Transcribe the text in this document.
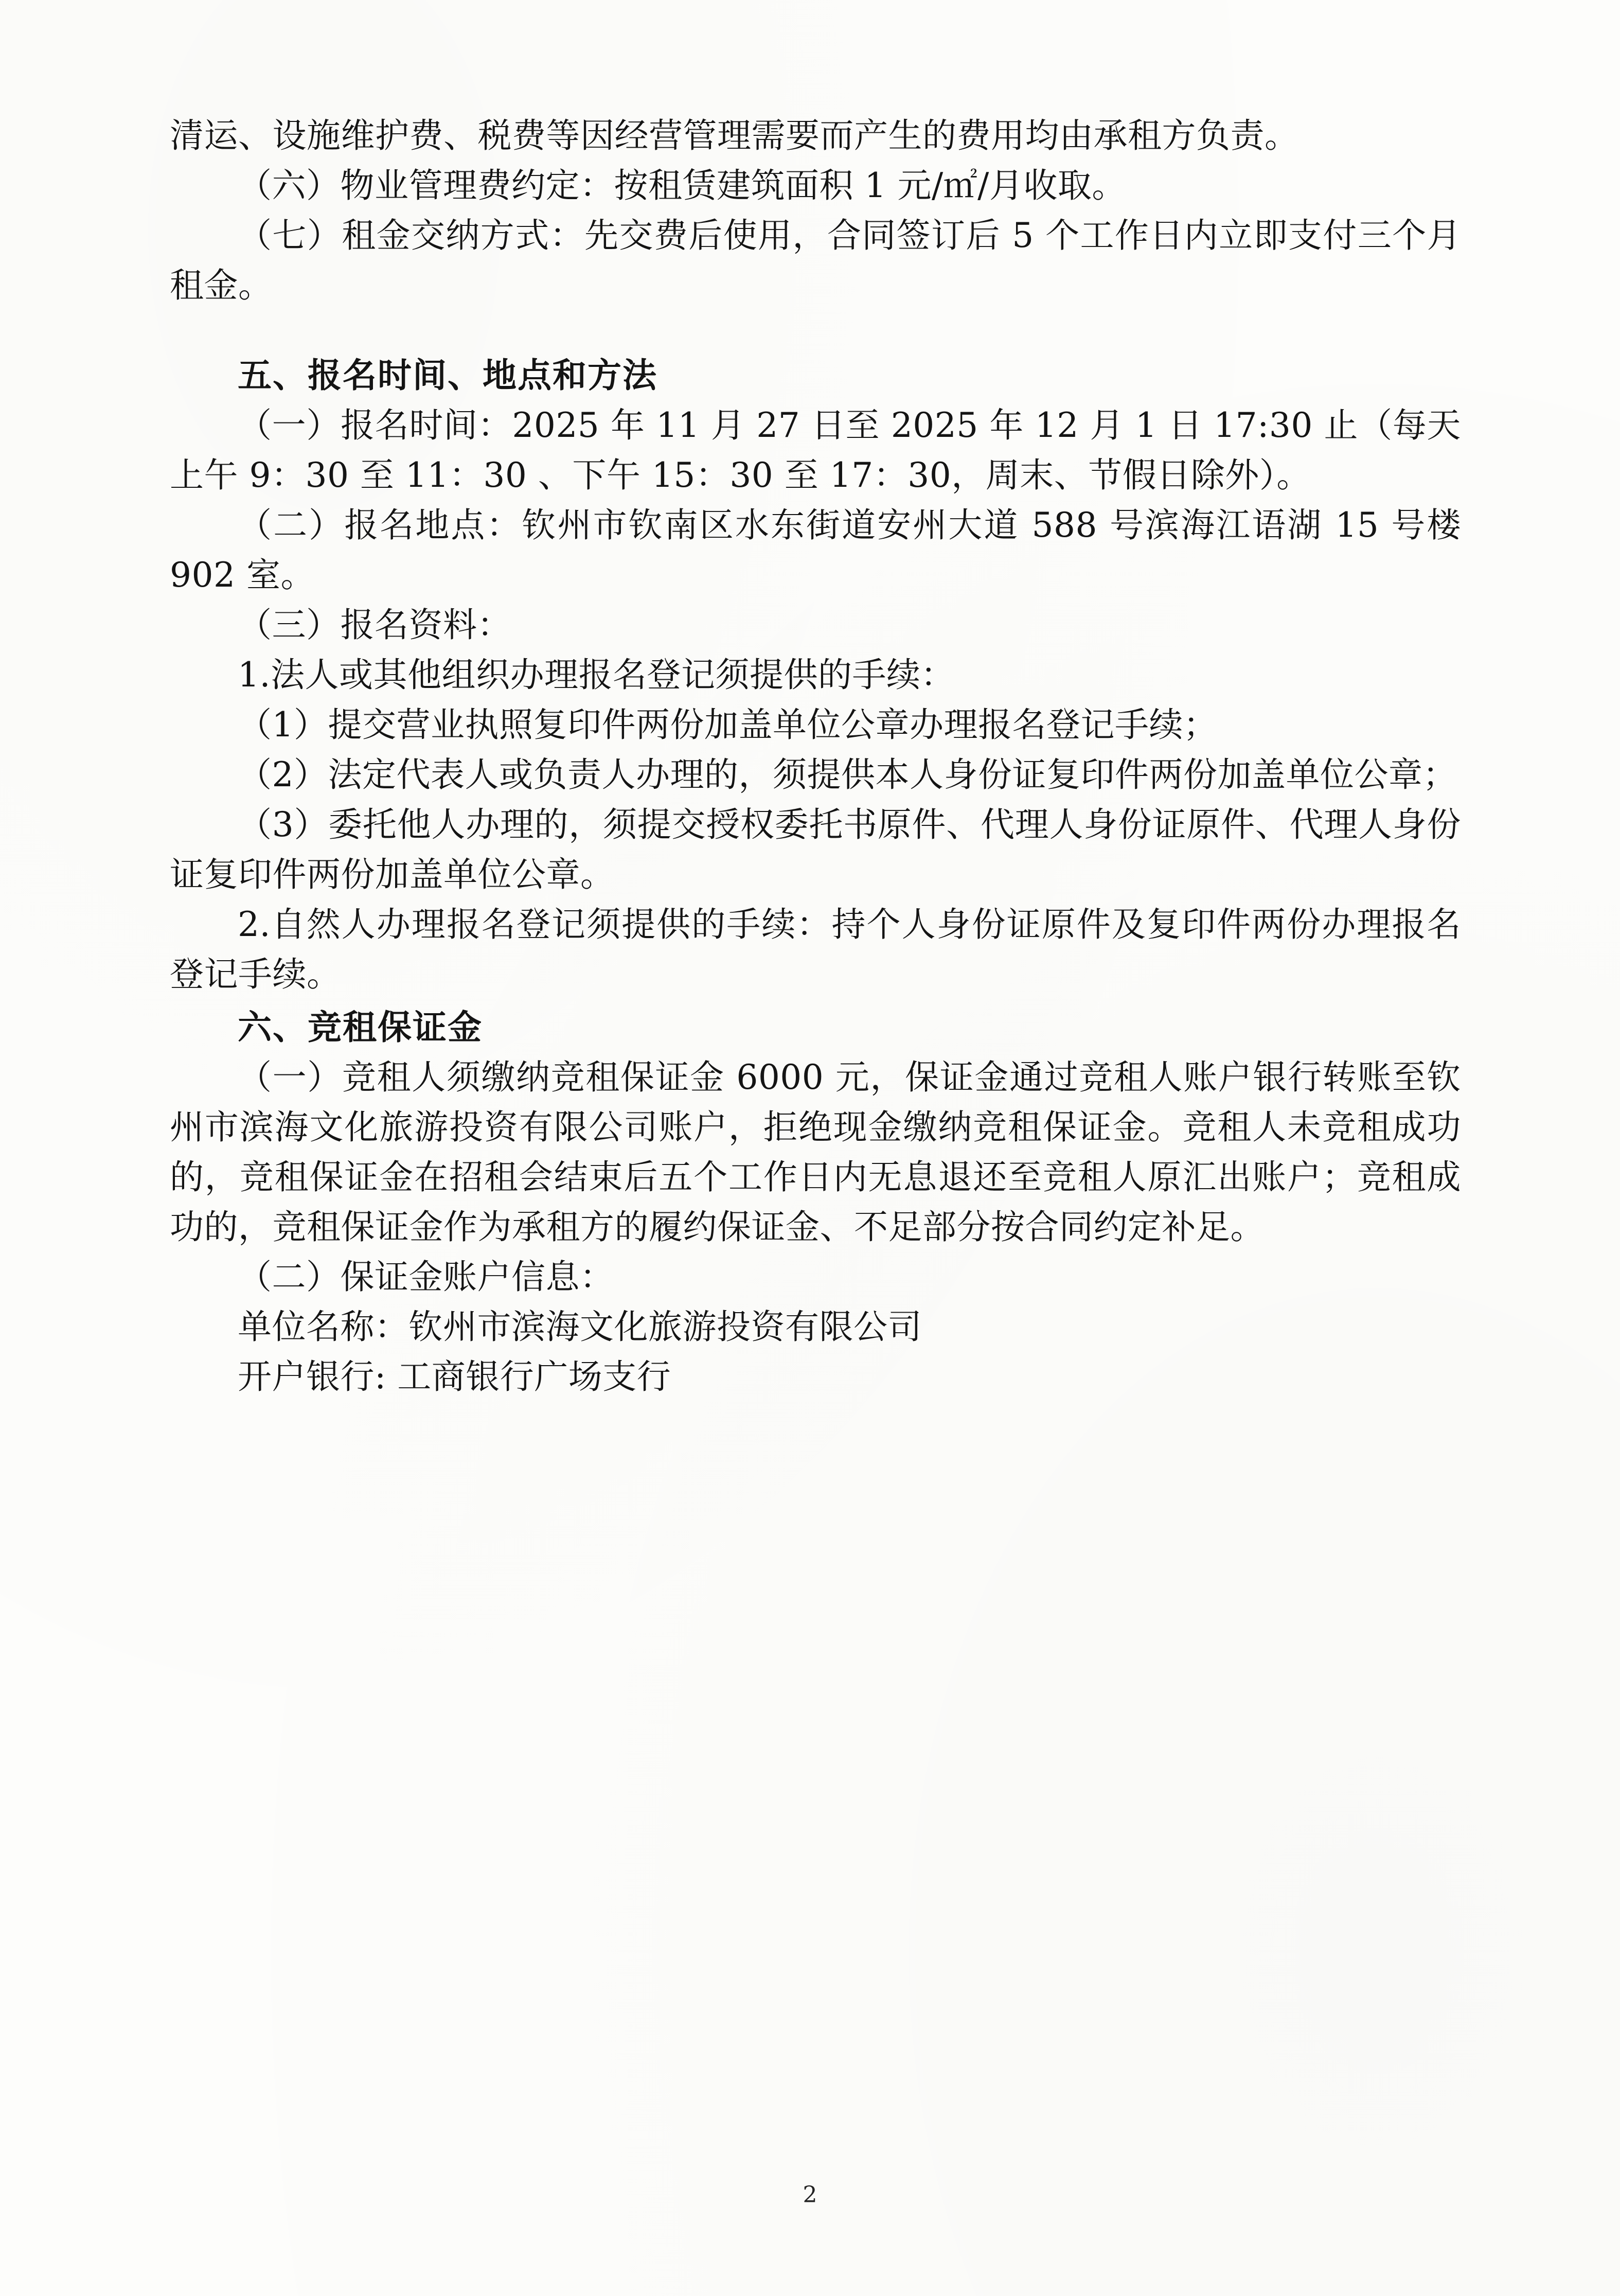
清运、设施维护费、税费等因经营管理需要而产生的费用均由承租方负责。

（六）物业管理费约定：按租赁建筑面积 1 元/㎡/月收取。

（七）租金交纳方式：先交费后使用，合同签订后 5 个工作日内立即支付三个月租金。

五、报名时间、地点和方法

（一）报名时间：2025 年 11 月 27 日至 2025 年 12 月 1 日 17:30 止（每天上午 9：30 至 11：30 、下午 15：30 至 17：30，周末、节假日除外）。

（二）报名地点：钦州市钦南区水东街道安州大道 588 号滨海江语湖 15 号楼 902 室。

（三）报名资料：

1.法人或其他组织办理报名登记须提供的手续：

（1）提交营业执照复印件两份加盖单位公章办理报名登记手续；

（2）法定代表人或负责人办理的，须提供本人身份证复印件两份加盖单位公章；

（3）委托他人办理的，须提交授权委托书原件、代理人身份证原件、代理人身份证复印件两份加盖单位公章。

2.自然人办理报名登记须提供的手续：持个人身份证原件及复印件两份办理报名登记手续。

六、竞租保证金

（一）竞租人须缴纳竞租保证金 6000 元，保证金通过竞租人账户银行转账至钦州市滨海文化旅游投资有限公司账户，拒绝现金缴纳竞租保证金。竞租人未竞租成功的，竞租保证金在招租会结束后五个工作日内无息退还至竞租人原汇出账户；竞租成功的，竞租保证金作为承租方的履约保证金、不足部分按合同约定补足。

（二）保证金账户信息：

单位名称：钦州市滨海文化旅游投资有限公司

开户银行: 工商银行广场支行

2
